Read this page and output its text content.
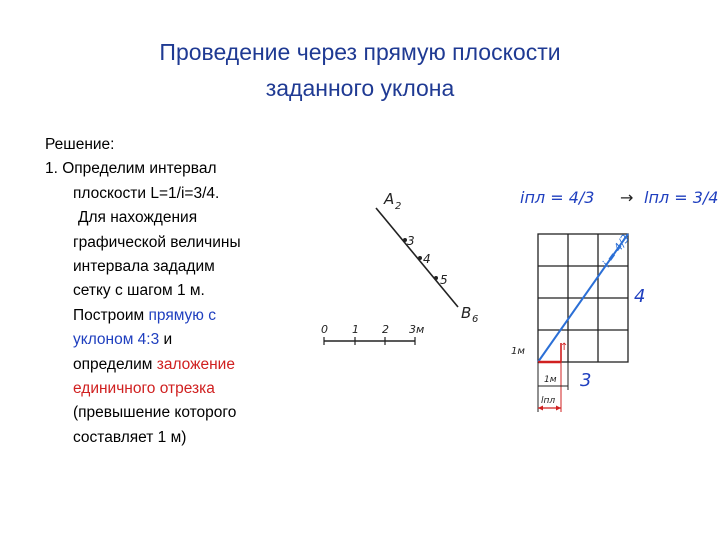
Проведение через прямую плоскости
заданного уклона
Решение:
1. Определим интервал
плоскости L=1/i=3/4.
Для нахождения
графической величины
интервала зададим
сетку с шагом 1 м.
Построим прямую с
уклоном 4:3 и
определим заложение
единичного отрезка
(превышение которого
составляет 1 м)
A 2
3
4
5
B 6
0 1 2 3м
iпл = 4/3 → lпл = 3/4
i = 4/3
↑
4
1м
1м 3
lпл
